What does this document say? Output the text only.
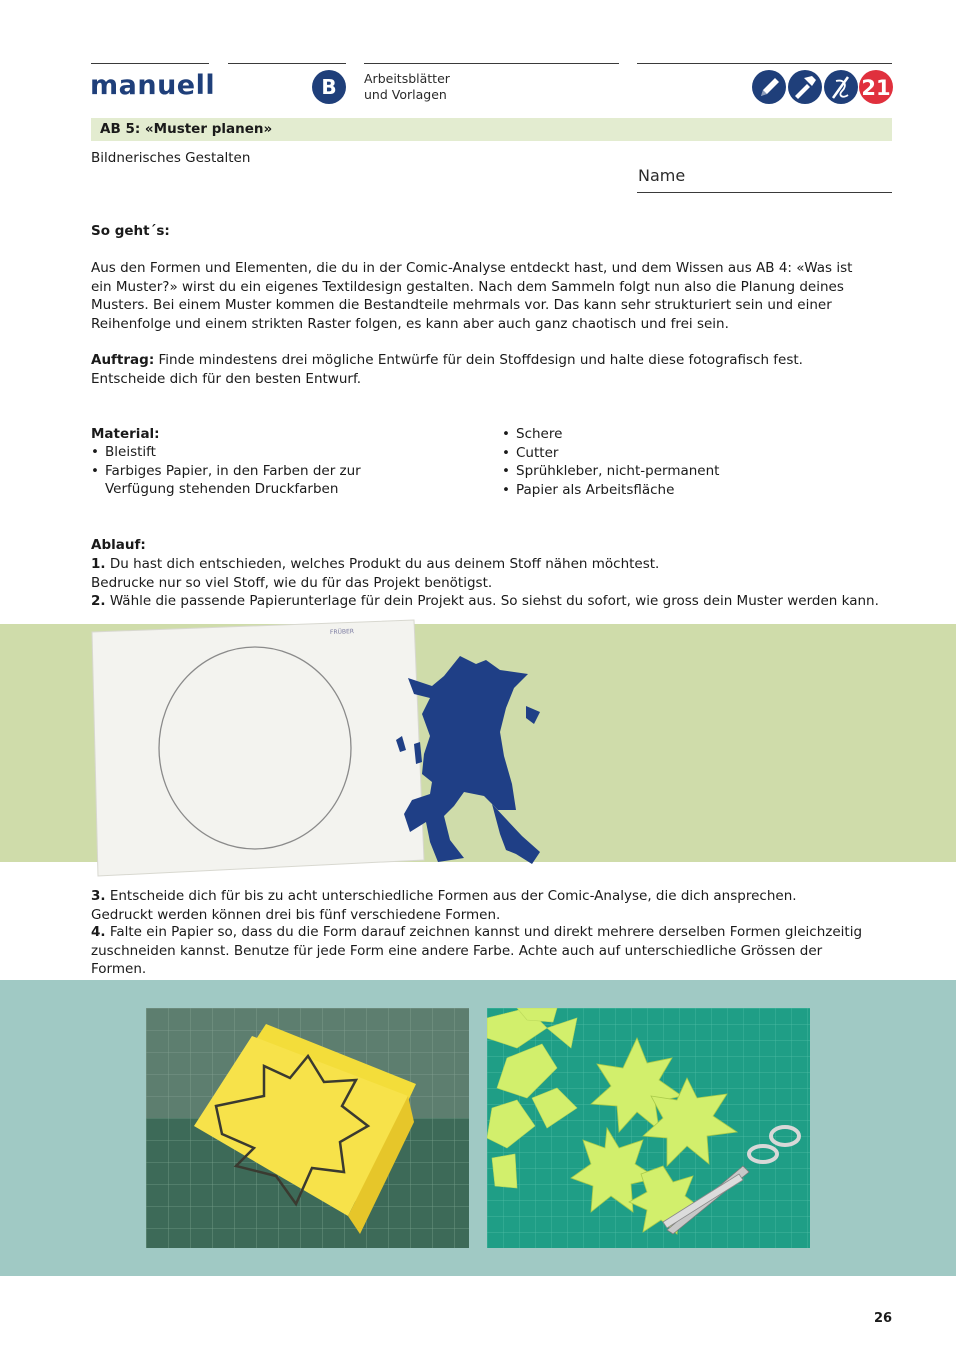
manuell	B	Arbeitsblätter
und Vorlagen	21
AB 5: «Muster planen»
Bildnerisches Gestalten
Name
So geht´s:
Aus den Formen und Elementen, die du in der Comic-Analyse entdeckt hast, und dem Wissen aus AB 4: «Was ist ein Muster?» wirst du ein eigenes Textildesign gestalten. Nach dem Sammeln folgt nun also die Planung deines Musters. Bei einem Muster kommen die Bestandteile mehrmals vor. Das kann sehr strukturiert sein und einer Reihenfolge und einem strikten Raster folgen, es kann aber auch ganz chaotisch und frei sein.
Auftrag: Finde mindestens drei mögliche Entwürfe für dein Stoffdesign und halte diese fotografisch fest. Entscheide dich für den besten Entwurf.
Material:
• Bleistift
• Farbiges Papier, in den Farben der zur Verfügung stehenden Druckfarben
• Schere
• Cutter
• Sprühkleber, nicht-permanent
• Papier als Arbeitsfläche
Ablauf:
1. Du hast dich entschieden, welches Produkt du aus deinem Stoff nähen möchtest.
Bedrucke nur so viel Stoff, wie du für das Projekt benötigst.
2. Wähle die passende Papierunterlage für dein Projekt aus. So siehst du sofort, wie gross dein Muster werden kann.
FRÜBER
3. Entscheide dich für bis zu acht unterschiedliche Formen aus der Comic-Analyse, die dich ansprechen.
Gedruckt werden können drei bis fünf verschiedene Formen.
4. Falte ein Papier so, dass du die Form darauf zeichnen kannst und direkt mehrere derselben Formen gleichzeitig zuschneiden kannst. Benutze für jede Form eine andere Farbe. Achte auch auf unterschiedliche Grössen der Formen.
26
